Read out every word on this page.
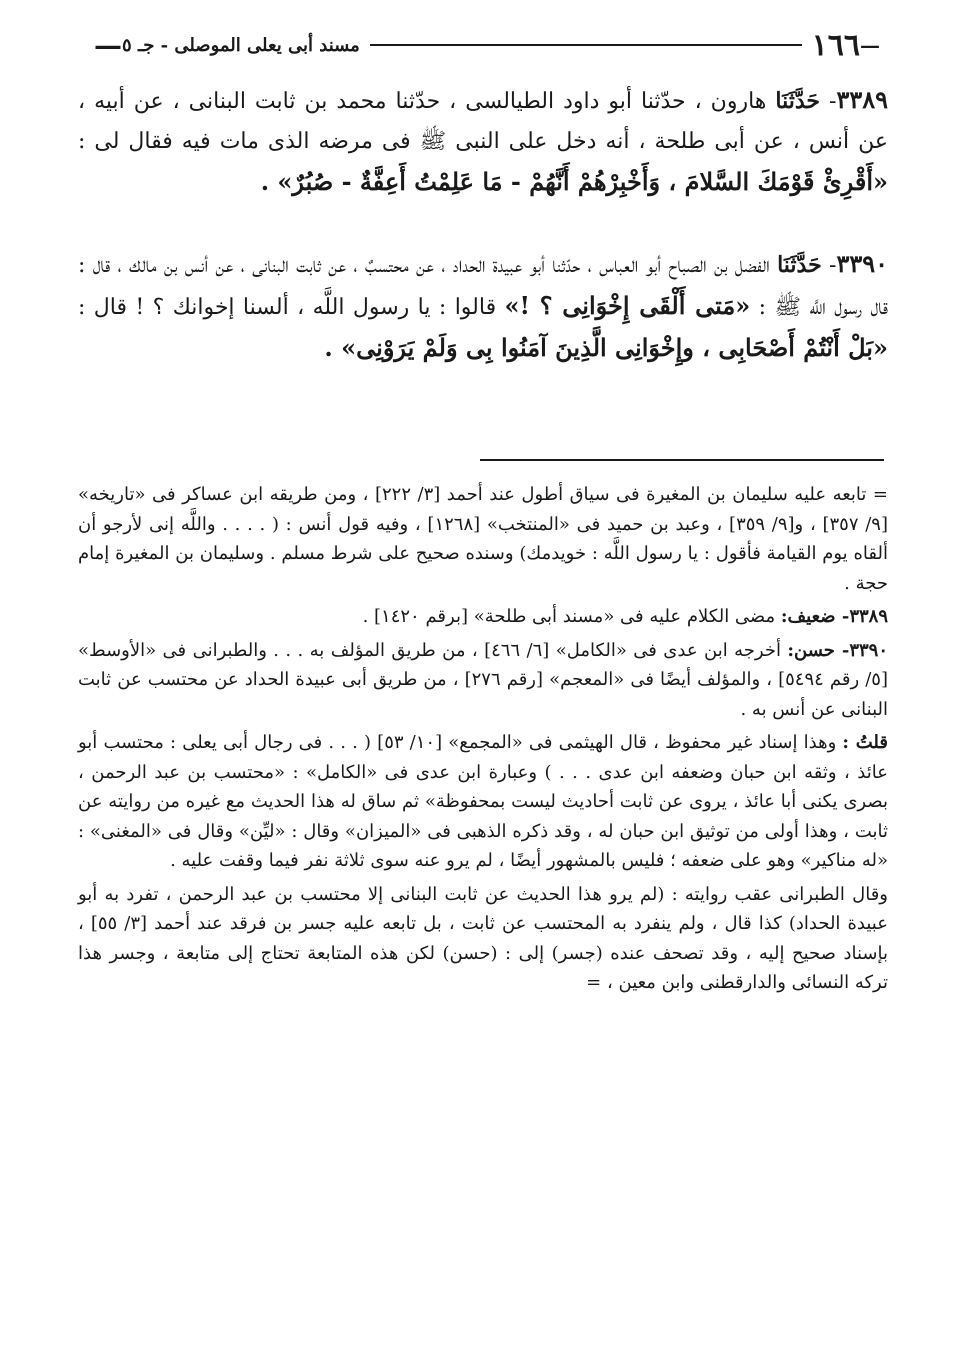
—
١٦٦
مسند أبى يعلى الموصلى - جـ ٥
—
٣٣٨٩- حَدَّثَنَا هارون ، حدّثنا أبو داود الطيالسى ، حدّثنا محمد بن ثابت البنانى ، عن أبيه ، عن أنس ، عن أبى طلحة ، أنه دخل على النبى ﷺ فى مرضه الذى مات فيه فقال لى : «أَقْرِئْ قَوْمَكَ السَّلامَ ، وَأَخْبِرْهُمْ أَنَّهُمْ - مَا عَلِمْتُ أَعِفَّةٌ - صُبُرٌ» .
٣٣٩٠- حَدَّثَنَا الفضل بن الصباح أبو العباس ، حدّثنا أبو عبيدة الحداد ، عن محتسبٌ ، عن ثابت البنانى ، عن أنس بن مالك ، قال : قال رسول اللَّه ﷺ : «مَتى أَلْقَى إِخْوَانِى ؟ !» قالوا : يا رسول اللَّه ، ألسنا إخوانك ؟ ! قال : «بَلْ أَنْتُمْ أَصْحَابِى ، وإِخْوَانِى الَّذِينَ آمَنُوا بِى وَلَمْ يَرَوْنِى» .

= تابعه عليه سليمان بن المغيرة فى سياق أطول عند أحمد [٣/ ٢٢٢] ، ومن طريقه ابن عساكر فى «تاريخه» [٩/ ٣٥٧] ، و[٩/ ٣٥٩] ، وعبد بن حميد فى «المنتخب» [١٢٦٨] ، وفيه قول أنس : ( . . . . واللَّه إنى لأرجو أن ألقاه يوم القيامة فأقول : يا رسول اللَّه : خويدمك) وسنده صحيح على شرط مسلم . وسليمان بن المغيرة إمام حجة .

٣٣٨٩- ضعيف: مضى الكلام عليه فى «مسند أبى طلحة» [برقم ١٤٢٠] .

٣٣٩٠- حسن: أخرجه ابن عدى فى «الكامل» [٦/ ٤٦٦] ، من طريق المؤلف به . . . والطبرانى فى «الأوسط» [٥/ رقم ٥٤٩٤] ، والمؤلف أيضًا فى «المعجم» [رقم ٢٧٦] ، من طريق أبى عبيدة الحداد عن محتسب عن ثابت البنانى عن أنس به .

قلتُ : وهذا إسناد غير محفوظ ، قال الهيثمى فى «المجمع» [١٠/ ٥٣] ( . . . فى رجال أبى يعلى : محتسب أبو عائذ ، وثقه ابن حبان وضعفه ابن عدى . . . ) وعبارة ابن عدى فى «الكامل» : «محتسب بن عبد الرحمن ، بصرى يكنى أبا عائذ ، يروى عن ثابت أحاديث ليست بمحفوظة» ثم ساق له هذا الحديث مع غيره من روايته عن ثابت ، وهذا أولى من توثيق ابن حبان له ، وقد ذكره الذهبى فى «الميزان» وقال : «ليِّن» وقال فى «المغنى» : «له مناكير» وهو على ضعفه ؛ فليس بالمشهور أيضًا ، لم يرو عنه سوى ثلاثة نفر فيما وقفت عليه .

وقال الطبرانى عقب روايته : (لم يرو هذا الحديث عن ثابت البنانى إلا محتسب بن عبد الرحمن ، تفرد به أبو عبيدة الحداد) كذا قال ، ولم ينفرد به المحتسب عن ثابت ، بل تابعه عليه جسر بن فرقد عند أحمد [٣/ ٥٥] ، بإسناد صحيح إليه ، وقد تصحف عنده (جسر) إلى : (حسن) لكن هذه المتابعة تحتاج إلى متابعة ، وجسر هذا تركه النسائى والدارقطنى وابن معين ، =
